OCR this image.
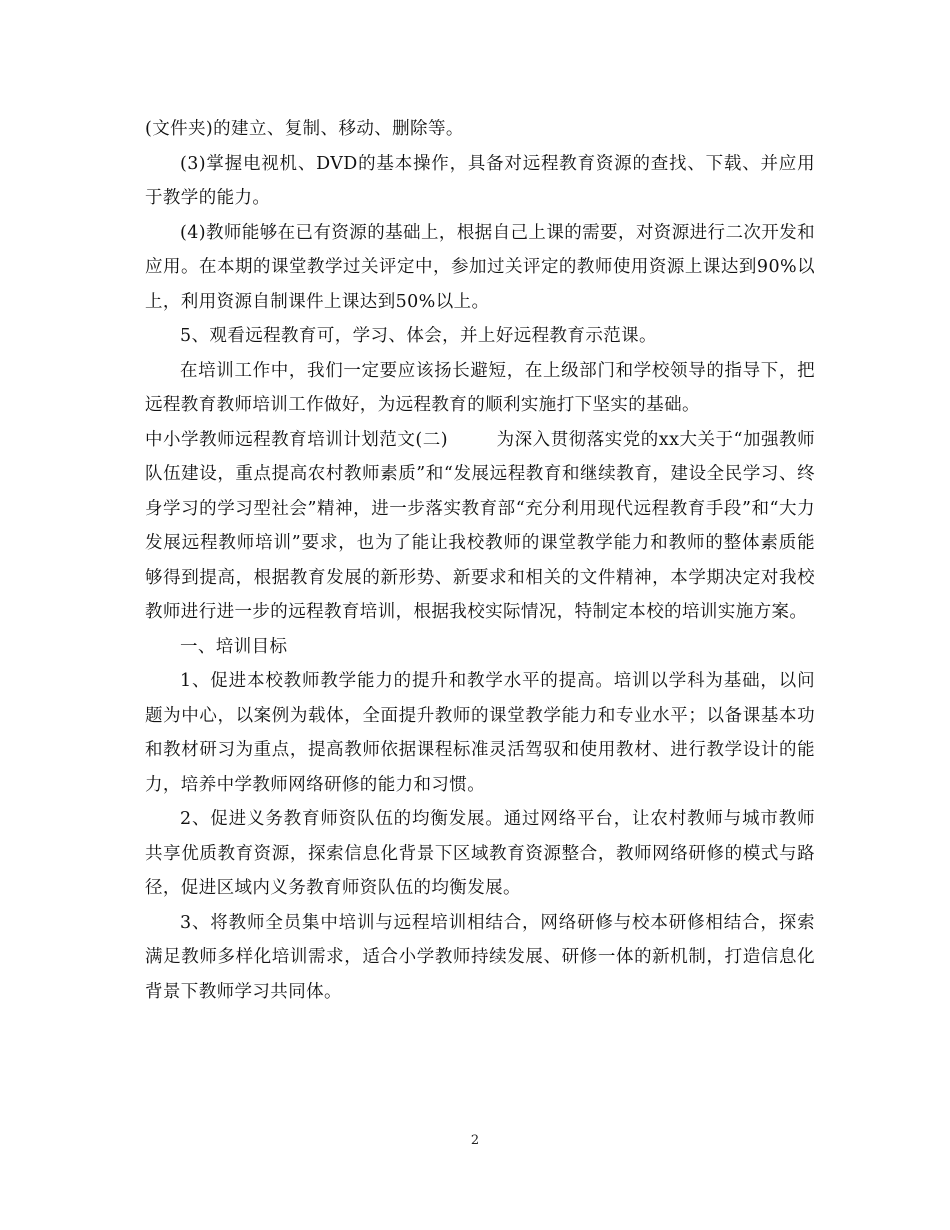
(文件夹)的建立、复制、移动、删除等。

(3)掌握电视机、DVD的基本操作，具备对远程教育资源的查找、下载、并应用于教学的能力。

(4)教师能够在已有资源的基础上，根据自己上课的需要，对资源进行二次开发和应用。在本期的课堂教学过关评定中，参加过关评定的教师使用资源上课达到90%以上，利用资源自制课件上课达到50%以上。

5、观看远程教育可，学习、体会，并上好远程教育示范课。

在培训工作中，我们一定要应该扬长避短，在上级部门和学校领导的指导下，把远程教育教师培训工作做好，为远程教育的顺利实施打下坚实的基础。

中小学教师远程教育培训计划范文(二)        为深入贯彻落实党的xx大关于“加强教师队伍建设，重点提高农村教师素质”和“发展远程教育和继续教育，建设全民学习、终身学习的学习型社会”精神，进一步落实教育部“充分利用现代远程教育手段”和“大力发展远程教师培训”要求，也为了能让我校教师的课堂教学能力和教师的整体素质能够得到提高，根据教育发展的新形势、新要求和相关的文件精神，本学期决定对我校教师进行进一步的远程教育培训，根据我校实际情况，特制定本校的培训实施方案。

一、培训目标

1、促进本校教师教学能力的提升和教学水平的提高。培训以学科为基础，以问题为中心，以案例为载体，全面提升教师的课堂教学能力和专业水平；以备课基本功和教材研习为重点，提高教师依据课程标准灵活驾驭和使用教材、进行教学设计的能力，培养中学教师网络研修的能力和习惯。

2、促进义务教育师资队伍的均衡发展。通过网络平台，让农村教师与城市教师共享优质教育资源，探索信息化背景下区域教育资源整合，教师网络研修的模式与路径，促进区域内义务教育师资队伍的均衡发展。

3、将教师全员集中培训与远程培训相结合，网络研修与校本研修相结合，探索满足教师多样化培训需求，适合小学教师持续发展、研修一体的新机制，打造信息化背景下教师学习共同体。

2
